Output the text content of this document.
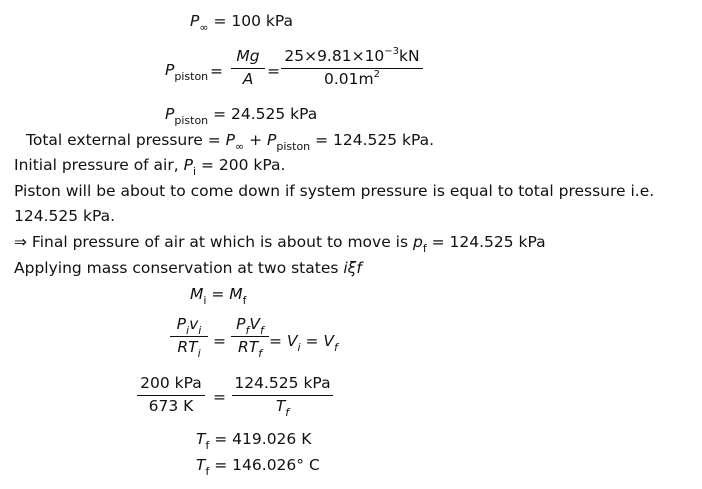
$P_\infty = 100$ kPa
$P_{piston}$ =
Mg
A =
$25\times 9.81\times 10^{-3}kN$
$0.01m^2$
$P_{piston} = 24.525$ kPa
Total external pressure = $P_\infty + P_{piston} = 124.525$ kPa.
Initial pressure of air, $P_i = 200$ kPa.
Piston will be about to come down if system pressure is equal to total pressure i.e.
124.525 kPa.
⇒ Final pressure of air at which is about to move is $p_f = 124.525$ kPa
Applying mass conservation at two states iξf
$M_i = M_f$
$P_iv_i$
$RT_i$
=
$P_fV_f$
$RT_f$
= $V_i = V_f$
200 kPa
673 K	=
124.525 kPa
$T_f$
$T_f = 419.026$ K
$T_f = 146.026^\circ$ C
